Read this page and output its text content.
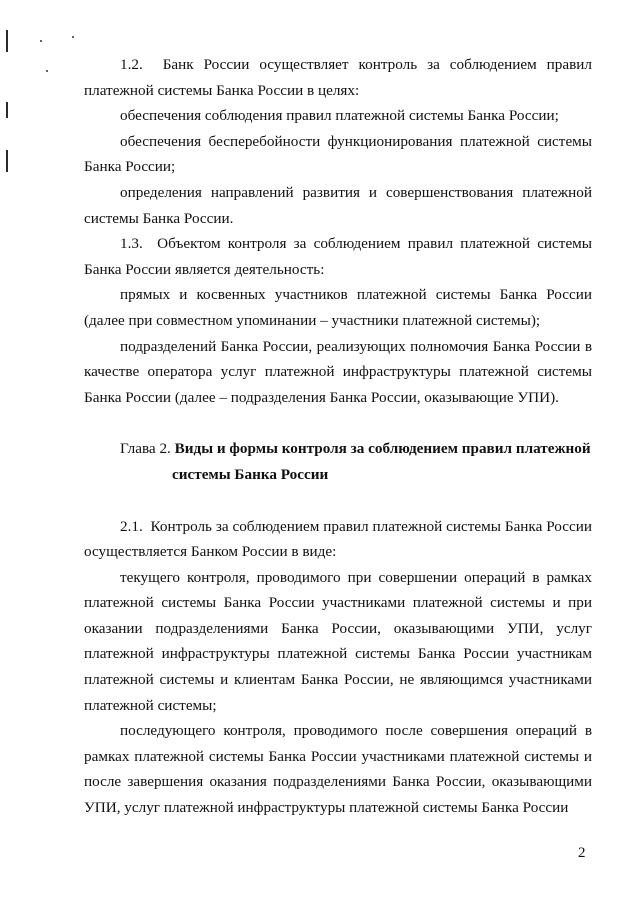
1.2.  Банк России осуществляет контроль за соблюдением правил платежной системы Банка России в целях:

обеспечения соблюдения правил платежной системы Банка России;

обеспечения бесперебойности функционирования платежной системы Банка России;

определения направлений развития и совершенствования платежной системы Банка России.

1.3.  Объектом контроля за соблюдением правил платежной системы Банка России является деятельность:

прямых и косвенных участников платежной системы Банка России (далее при совместном упоминании – участники платежной системы);

подразделений Банка России, реализующих полномочия Банка России в качестве оператора услуг платежной инфраструктуры платежной системы Банка России (далее – подразделения Банка России, оказывающие УПИ).

Глава 2. Виды и формы контроля за соблюдением правил платежной

системы Банка России

2.1.  Контроль за соблюдением правил платежной системы Банка России осуществляется Банком России в виде:

текущего контроля, проводимого при совершении операций в рамках платежной системы Банка России участниками платежной системы и при оказании подразделениями Банка России, оказывающими УПИ, услуг платежной инфраструктуры платежной системы Банка России участникам платежной системы и клиентам Банка России, не являющимся участниками платежной системы;

последующего контроля, проводимого после совершения операций в рамках платежной системы Банка России участниками платежной системы и после завершения оказания подразделениями Банка России, оказывающими УПИ, услуг платежной инфраструктуры платежной системы Банка России

2
